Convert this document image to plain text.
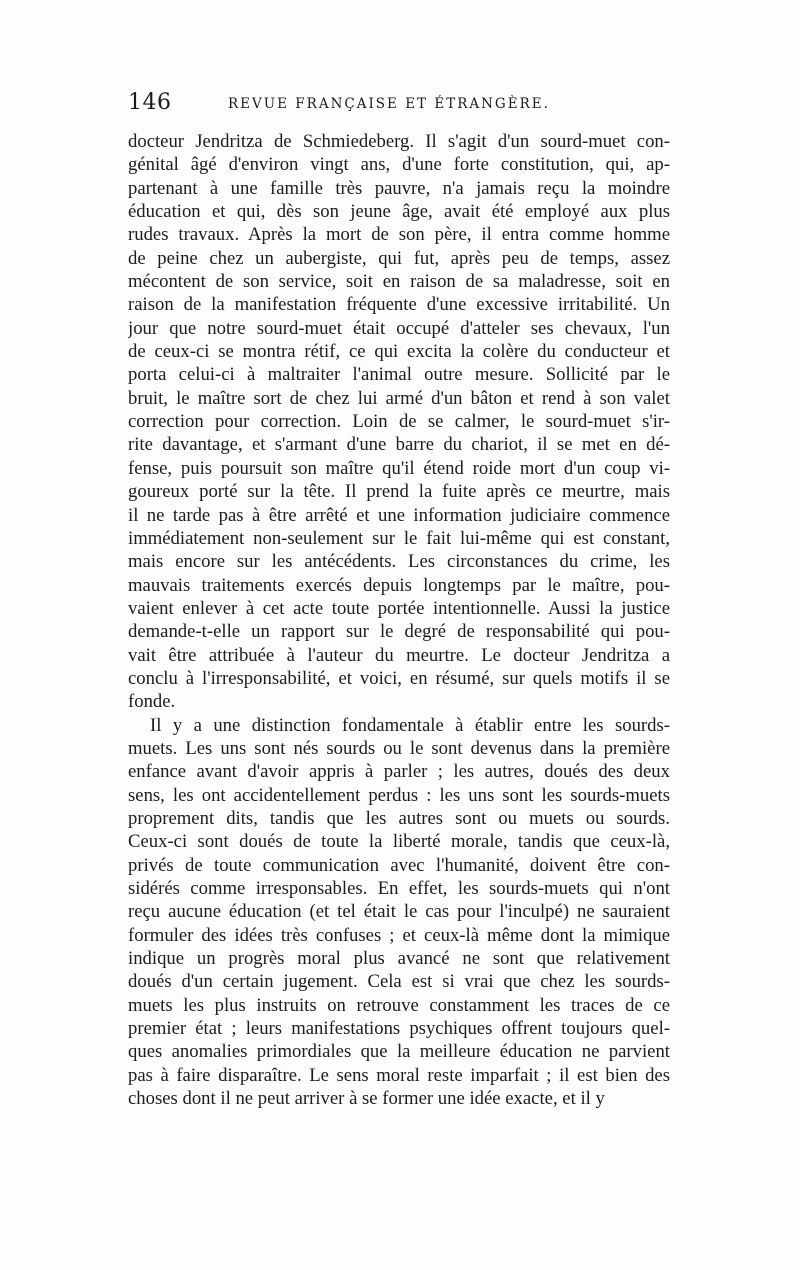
146	REVUE FRANÇAISE ET ÉTRANGÈRE.
docteur Jendritza de Schmiedeberg. Il s'agit d'un sourd-muet con-
génital âgé d'environ vingt ans, d'une forte constitution, qui, ap-
partenant à une famille très pauvre, n'a jamais reçu la moindre
éducation et qui, dès son jeune âge, avait été employé aux plus
rudes travaux. Après la mort de son père, il entra comme homme
de peine chez un aubergiste, qui fut, après peu de temps, assez
mécontent de son service, soit en raison de sa maladresse, soit en
raison de la manifestation fréquente d'une excessive irritabilité. Un
jour que notre sourd-muet était occupé d'atteler ses chevaux, l'un
de ceux-ci se montra rétif, ce qui excita la colère du conducteur et
porta celui-ci à maltraiter l'animal outre mesure. Sollicité par le
bruit, le maître sort de chez lui armé d'un bâton et rend à son valet
correction pour correction. Loin de se calmer, le sourd-muet s'ir-
rite davantage, et s'armant d'une barre du chariot, il se met en dé-
fense, puis poursuit son maître qu'il étend roide mort d'un coup vi-
goureux porté sur la tête. Il prend la fuite après ce meurtre, mais
il ne tarde pas à être arrêté et une information judiciaire commence
immédiatement non-seulement sur le fait lui-même qui est constant,
mais encore sur les antécédents. Les circonstances du crime, les
mauvais traitements exercés depuis longtemps par le maître, pou-
vaient enlever à cet acte toute portée intentionnelle. Aussi la justice
demande-t-elle un rapport sur le degré de responsabilité qui pou-
vait être attribuée à l'auteur du meurtre. Le docteur Jendritza a
conclu à l'irresponsabilité, et voici, en résumé, sur quels motifs il se
fonde.
Il y a une distinction fondamentale à établir entre les sourds-
muets. Les uns sont nés sourds ou le sont devenus dans la première
enfance avant d'avoir appris à parler ; les autres, doués des deux
sens, les ont accidentellement perdus : les uns sont les sourds-muets
proprement dits, tandis que les autres sont ou muets ou sourds.
Ceux-ci sont doués de toute la liberté morale, tandis que ceux-là,
privés de toute communication avec l'humanité, doivent être con-
sidérés comme irresponsables. En effet, les sourds-muets qui n'ont
reçu aucune éducation (et tel était le cas pour l'inculpé) ne sauraient
formuler des idées très confuses ; et ceux-là même dont la mimique
indique un progrès moral plus avancé ne sont que relativement
doués d'un certain jugement. Cela est si vrai que chez les sourds-
muets les plus instruits on retrouve constamment les traces de ce
premier état ; leurs manifestations psychiques offrent toujours quel-
ques anomalies primordiales que la meilleure éducation ne parvient
pas à faire disparaître. Le sens moral reste imparfait ; il est bien des
choses dont il ne peut arriver à se former une idée exacte, et il y
